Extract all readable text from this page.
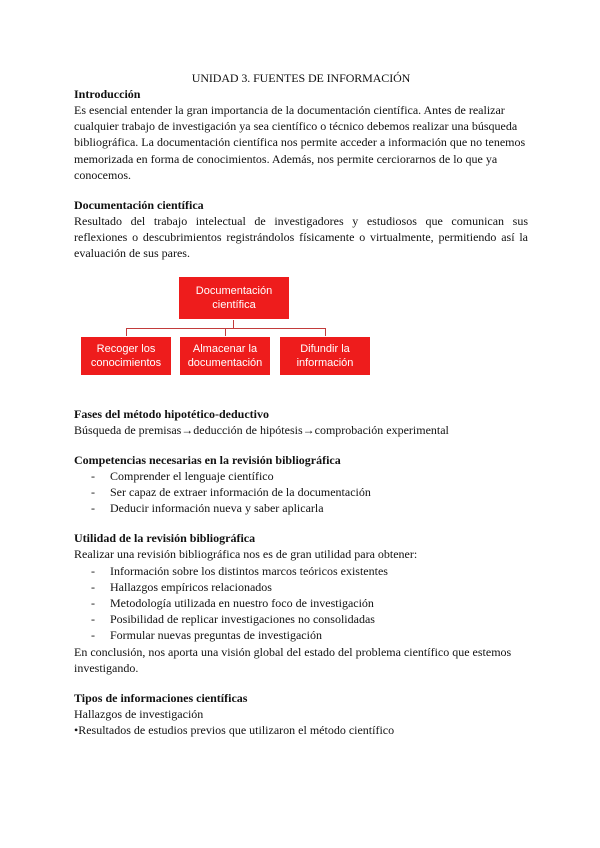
UNIDAD 3. FUENTES DE INFORMACIÓN
Introducción

Es esencial entender la gran importancia de la documentación científica. Antes de realizar cualquier trabajo de investigación ya sea científico o técnico debemos realizar una búsqueda bibliográfica. La documentación científica nos permite acceder a información que no tenemos memorizada en forma de conocimientos. Además, nos permite cerciorarnos de lo que ya conocemos.

Documentación científica

Resultado del trabajo intelectual de investigadores y estudiosos que comunican sus reflexiones o descubrimientos registrándolos físicamente o virtualmente, permitiendo así la evaluación de sus pares.

Documentación científica
Recoger los conocimientos
Almacenar la documentación
Difundir la información
Fases del método hipotético-deductivo

Búsqueda de premisas→deducción de hipótesis→comprobación experimental

Competencias necesarias en la revisión bibliográfica
- Comprender el lenguaje científico
- Ser capaz de extraer información de la documentación
- Deducir información nueva y saber aplicarla
Utilidad de la revisión bibliográfica

Realizar una revisión bibliográfica nos es de gran utilidad para obtener:

- Información sobre los distintos marcos teóricos existentes
- Hallazgos empíricos relacionados
- Metodología utilizada en nuestro foco de investigación
- Posibilidad de replicar investigaciones no consolidadas
- Formular nuevas preguntas de investigación

En conclusión, nos aporta una visión global del estado del problema científico que estemos investigando.

Tipos de informaciones científicas

Hallazgos de investigación

•Resultados de estudios previos que utilizaron el método científico
